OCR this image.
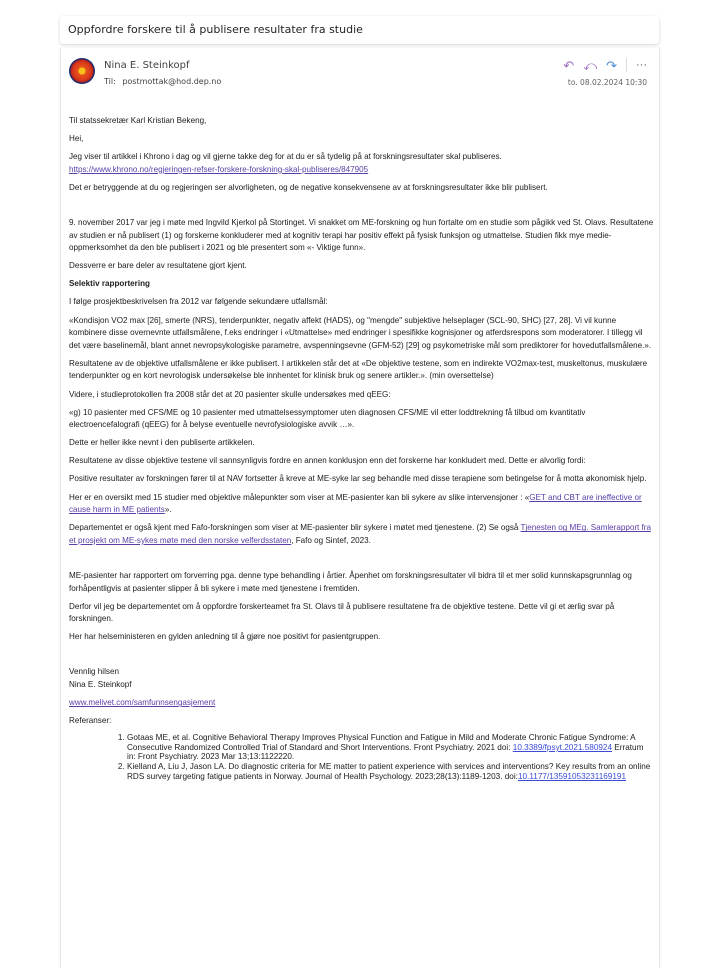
Oppfordre forskere til å publisere resultater fra studie
Nina E. Steinkopf
Til: postmottak@hod.dep.no
↶ ⤺ ↷ ···
to. 08.02.2024 10:30

Til statssekretær Karl Kristian Bekeng,

Hei,

Jeg viser til artikkel i Khrono i dag og vil gjerne takke deg for at du er så tydelig på at forskningsresultater skal publiseres.
https://www.khrono.no/regjeringen-refser-forskere-forskning-skal-publiseres/847905

Det er betryggende at du og regjeringen ser alvorligheten, og de negative konsekvensene av at forskningsresultater ikke blir publisert.

9. november 2017 var jeg i møte med Ingvild Kjerkol på Stortinget. Vi snakket om ME-forskning og hun fortalte om en studie som pågikk ved St. Olavs. Resultatene av studien er nå publisert (1) og forskerne konkluderer med at kognitiv terapi har positiv effekt på fysisk funksjon og utmattelse. Studien fikk mye medie-oppmerksomhet da den ble publisert i 2021 og ble presentert som «- Viktige funn».

Dessverre er bare deler av resultatene gjort kjent.

Selektiv rapportering

I følge prosjektbeskrivelsen fra 2012 var følgende sekundære utfallsmål:

«Kondisjon VO2 max [26], smerte (NRS), tenderpunkter, negativ affekt (HADS), og "mengde" subjektive helseplager (SCL-90, SHC) [27, 28]. Vi vil kunne kombinere disse overnevnte utfallsmålene, f.eks endringer i «Utmattelse» med endringer i spesifikke kognisjoner og atferdsrespons som moderatorer. I tillegg vil det være baselinemål, blant annet nevropsykologiske parametre, avspenningsevne (GFM-52) [29] og psykometriske mål som prediktorer for hovedutfallsmålene.».

Resultatene av de objektive utfallsmålene er ikke publisert. I artikkelen står det at «De objektive testene, som en indirekte VO2max-test, muskeltonus, muskulære tenderpunkter og en kort nevrologisk undersøkelse ble innhentet for klinisk bruk og senere artikler.». (min oversettelse)

Videre, i studieprotokollen fra 2008 står det at 20 pasienter skulle undersøkes med qEEG:

«g) 10 pasienter med CFS/ME og 10 pasienter med utmattelsessymptomer uten diagnosen CFS/ME vil etter loddtrekning få tilbud om kvantitativ electroencefalografi (qEEG) for å belyse eventuelle nevrofysiologiske avvik …».

Dette er heller ikke nevnt i den publiserte artikkelen.

Resultatene av disse objektive testene vil sannsynligvis fordre en annen konklusjon enn det forskerne har konkludert med. Dette er alvorlig fordi:

Positive resultater av forskningen fører til at NAV fortsetter å kreve at ME-syke lar seg behandle med disse terapiene som betingelse for å motta økonomisk hjelp.

Her er en oversikt med 15 studier med objektive målepunkter som viser at ME-pasienter kan bli sykere av slike intervensjoner : «GET and CBT are ineffective or cause harm in ME patients».

Departementet er også kjent med Fafo-forskningen som viser at ME-pasienter blir sykere i møtet med tjenestene. (2) Se også Tjenesten og MEg. Samlerapport fra et prosjekt om ME-sykes møte med den norske velferdsstaten, Fafo og Sintef, 2023.

ME-pasienter har rapportert om forverring pga. denne type behandling i årtier. Åpenhet om forskningsresultater vil bidra til et mer solid kunnskapsgrunnlag og forhåpentligvis at pasienter slipper å bli sykere i møte med tjenestene i fremtiden.

Derfor vil jeg be departementet om å oppfordre forskerteamet fra St. Olavs til å publisere resultatene fra de objektive testene. Dette vil gi et ærlig svar på forskningen.

Her har helseministeren en gylden anledning til å gjøre noe positivt for pasientgruppen.

Vennlig hilsen
Nina E. Steinkopf

www.melivet.com/samfunnsengasjement

Referanser:

1. Gotaas ME, et al. Cognitive Behavioral Therapy Improves Physical Function and Fatigue in Mild and Moderate Chronic Fatigue Syndrome: A Consecutive Randomized Controlled Trial of Standard and Short Interventions. Front Psychiatry. 2021 doi: 10.3389/fpsyt.2021.580924 Erratum in: Front Psychiatry. 2023 Mar 13;13:1122220.
2. Kielland A, Liu J, Jason LA. Do diagnostic criteria for ME matter to patient experience with services and interventions? Key results from an online RDS survey targeting fatigue patients in Norway. Journal of Health Psychology. 2023;28(13):1189-1203. doi:10.1177/13591053231169191
